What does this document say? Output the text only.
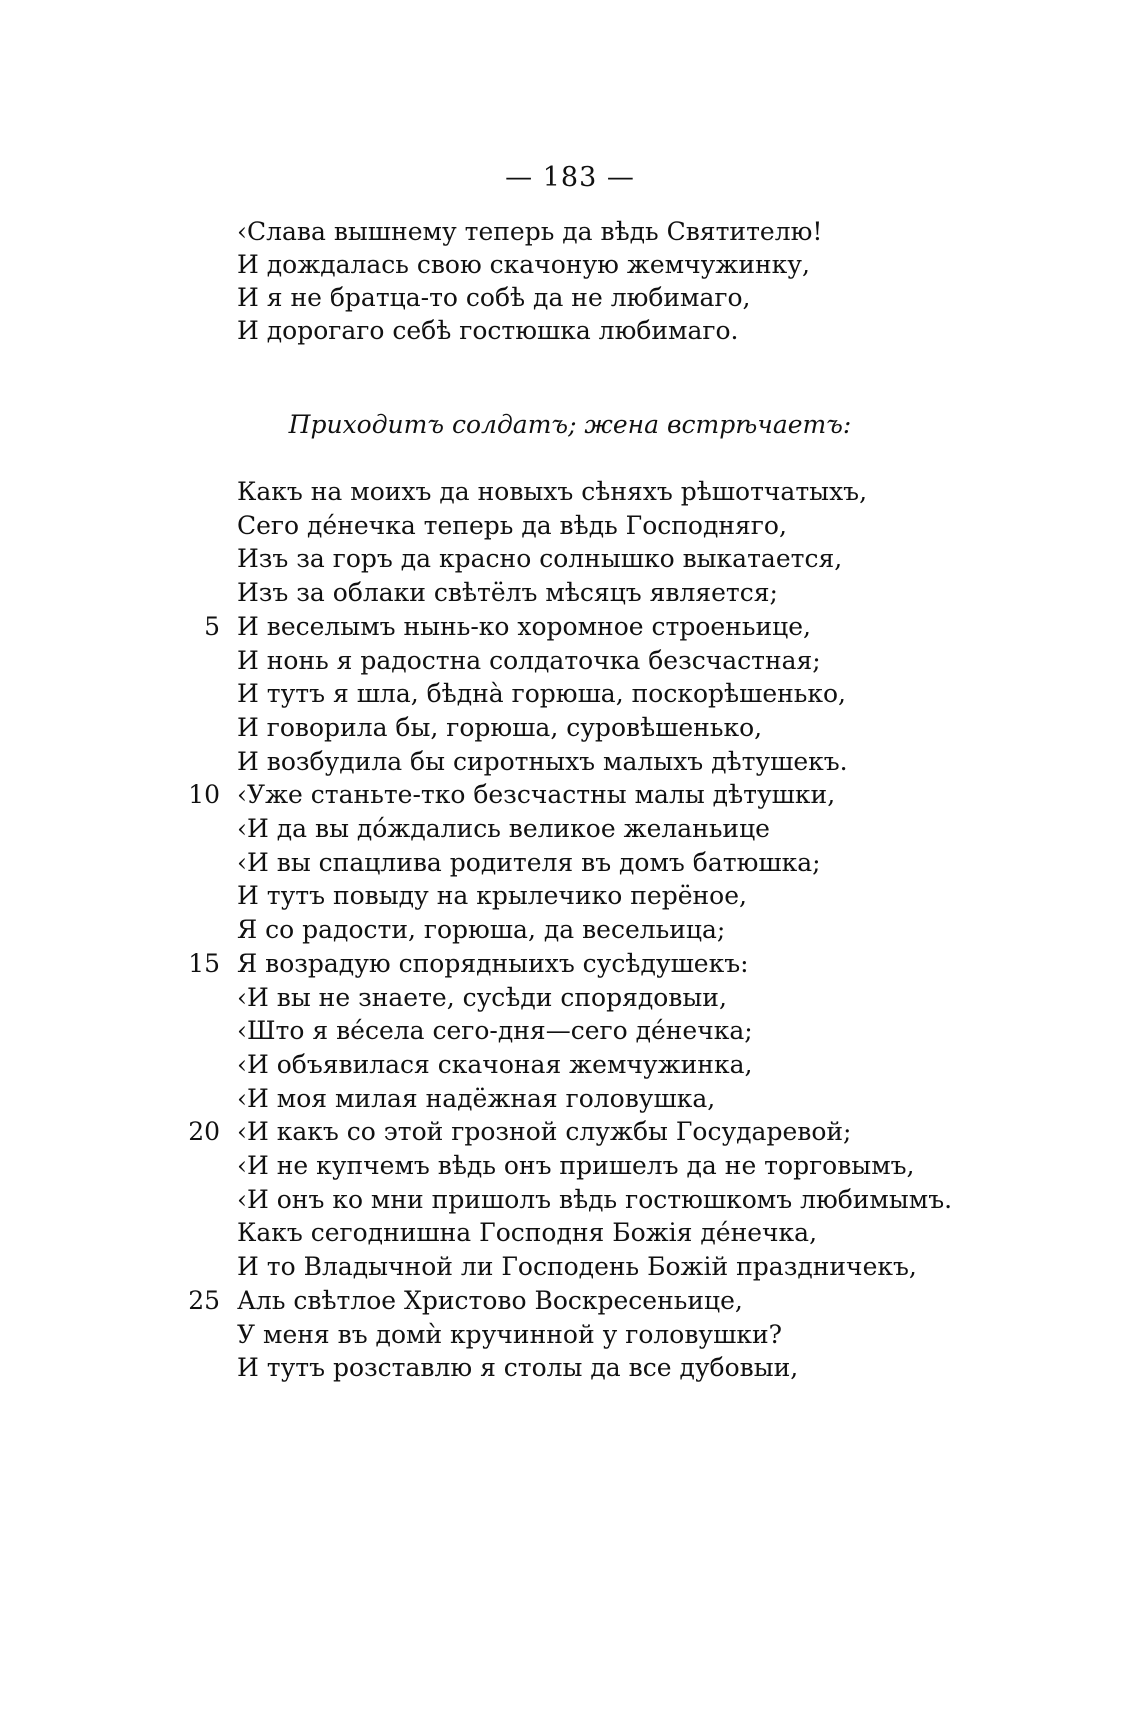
— 183 —
‹Слава вышнему теперь да вѣдь Святителю!
И дождалась свою скачоную жемчужинку,
И я не братца-то собѣ да не любимаго,
И дорогаго себѣ гостюшка любимаго.
Приходитъ солдатъ; жена встрѣчаетъ:
Какъ на моихъ да новыхъ сѣняхъ рѣшотчатыхъ,
Сего де́нечка теперь да вѣдь Господняго,
Изъ за горъ да красно солнышко выкатается,
Изъ за облаки свѣтёлъ мѣсяцъ является;
5 И веселымъ нынь-ко хоромное строеньице,
И нонь я радостна солдаточка безсчастная;
И тутъ я шла, бѣдна̀ горюша, поскорѣшенько,
И говорила бы, горюша, суровѣшенько,
И возбудила бы сиротныхъ малыхъ дѣтушекъ.
10 ‹Уже станьте-тко безсчастны малы дѣтушки,
‹И да вы до́ждались великое желаньице
‹И вы спацлива родителя въ домъ батюшка;
И тутъ повыду на крылечико перёное,
Я со радости, горюша, да весельица;
15 Я возрадую спорядныихъ сусѣдушекъ:
‹И вы не знаете, сусѣди спорядовыи,
‹Што я ве́села сего-дня—сего де́нечка;
‹И объявилася скачоная жемчужинка,
‹И моя милая надёжная головушка,
20 ‹И какъ со этой грозной службы Государевой;
‹И не купчемъ вѣдь онъ пришелъ да не торговымъ,
‹И онъ ко мни пришолъ вѣдь гостюшкомъ любимымъ.
Какъ сегоднишна Господня Божія де́нечка,
И то Владычной ли Господень Божій праздничекъ,
25 Аль свѣтлое Христово Воскресеньице,
У меня въ домѝ кручинной у головушки?
И тутъ розставлю я столы да все дубовыи,
